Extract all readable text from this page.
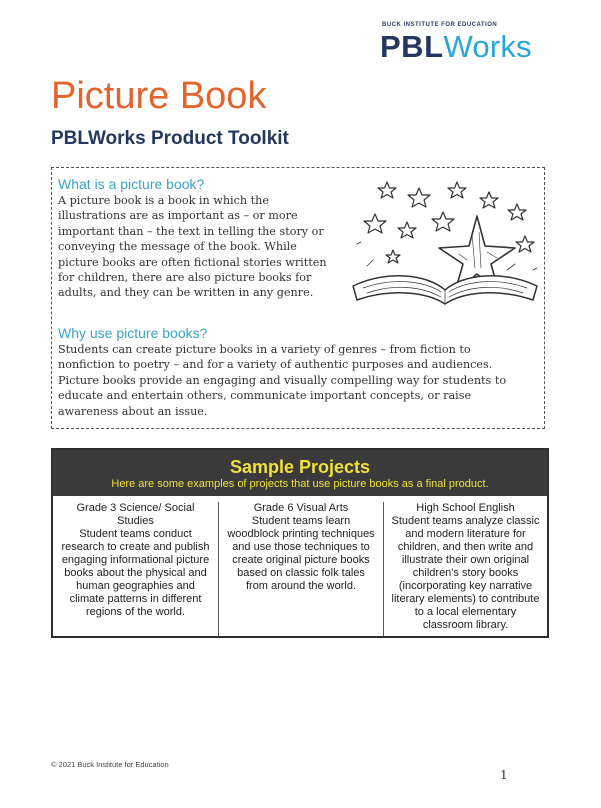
BUCK INSTITUTE FOR EDUCATION
PBLWorks
Picture Book
PBLWorks Product Toolkit
What is a picture book?

A picture book is a book in which the illustrations are as important as – or more important than – the text in telling the story or conveying the message of the book. While picture books are often fictional stories written for children, there are also picture books for adults, and they can be written in any genre.

Why use picture books?

Students can create picture books in a variety of genres – from fiction to nonfiction to poetry – and for a variety of authentic purposes and audiences. Picture books provide an engaging and visually compelling way for students to educate and entertain others, communicate important concepts, or raise awareness about an issue.

Sample Projects

Here are some examples of projects that use picture books as a final product.

Grade 3 Science/ Social Studies

Student teams conduct research to create and publish engaging informational picture books about the physical and human geographies and climate patterns in different regions of the world.

Grade 6 Visual Arts

Student teams learn woodblock printing techniques and use those techniques to create original picture books based on classic folk tales from around the world.

High School English

Student teams analyze classic and modern literature for children, and then write and illustrate their own original children's story books (incorporating key narrative literary elements) to contribute to a local elementary classroom library.

© 2021 Buck Institute for Education
1
